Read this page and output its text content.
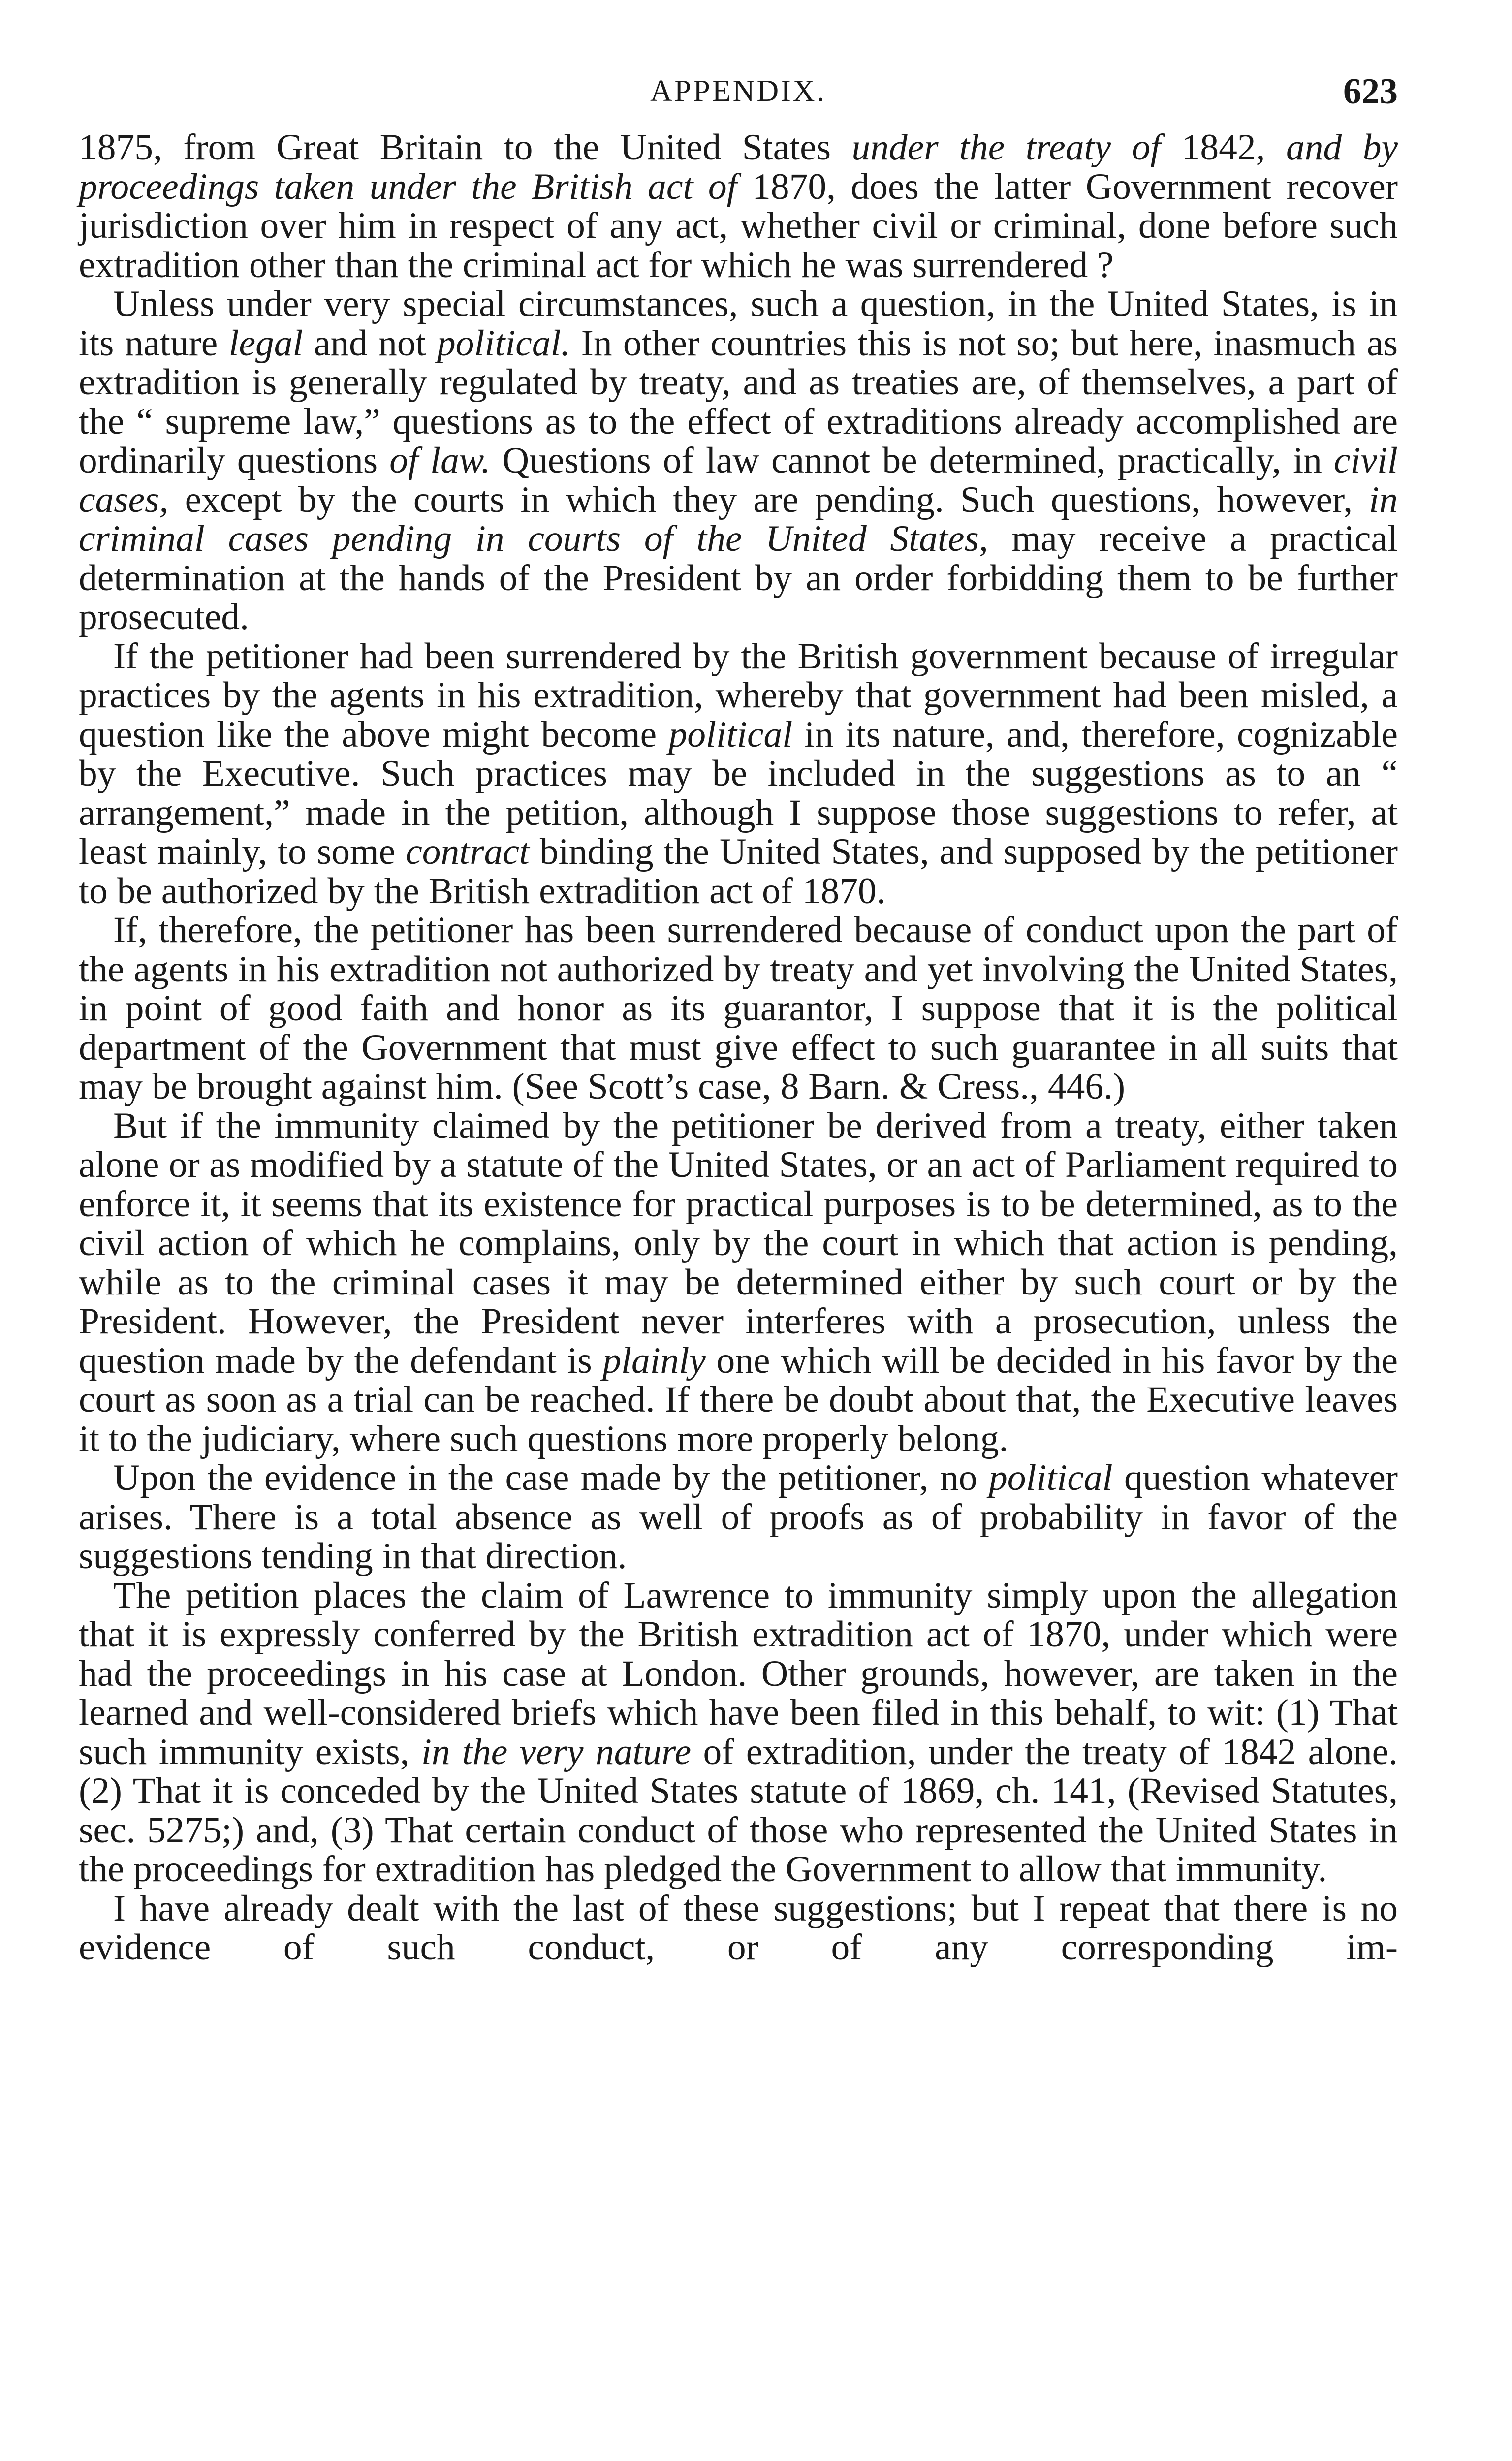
APPENDIX.	623

1875, from Great Britain to the United States under the treaty of 1842, and by proceedings taken under the British act of 1870, does the latter Government recover jurisdiction over him in respect of any act, whether civil or criminal, done before such extradition other than the criminal act for which he was surrendered ?

Unless under very special circumstances, such a question, in the United States, is in its nature legal and not political. In other countries this is not so; but here, inasmuch as extradition is generally regulated by treaty, and as treaties are, of themselves, a part of the “ supreme law,” questions as to the effect of extraditions already accomplished are ordinarily questions of law. Questions of law cannot be determined, practically, in civil cases, except by the courts in which they are pending. Such questions, however, in criminal cases pending in courts of the United States, may receive a practical determination at the hands of the President by an order forbidding them to be further prosecuted.

If the petitioner had been surrendered by the British government because of irregular practices by the agents in his extradition, whereby that government had been misled, a question like the above might become political in its nature, and, therefore, cognizable by the Executive. Such practices may be included in the suggestions as to an “ arrangement,” made in the petition, although I suppose those suggestions to refer, at least mainly, to some contract binding the United States, and supposed by the petitioner to be authorized by the British extradition act of 1870.

If, therefore, the petitioner has been surrendered because of conduct upon the part of the agents in his extradition not authorized by treaty and yet involving the United States, in point of good faith and honor as its guarantor, I suppose that it is the political department of the Government that must give effect to such guarantee in all suits that may be brought against him. (See Scott’s case, 8 Barn. & Cress., 446.)

But if the immunity claimed by the petitioner be derived from a treaty, either taken alone or as modified by a statute of the United States, or an act of Parliament required to enforce it, it seems that its existence for practical purposes is to be determined, as to the civil action of which he complains, only by the court in which that action is pending, while as to the criminal cases it may be determined either by such court or by the President. However, the President never interferes with a prosecution, unless the question made by the defendant is plainly one which will be decided in his favor by the court as soon as a trial can be reached. If there be doubt about that, the Executive leaves it to the judiciary, where such questions more properly belong.

Upon the evidence in the case made by the petitioner, no political question whatever arises. There is a total absence as well of proofs as of probability in favor of the suggestions tending in that direction.

The petition places the claim of Lawrence to immunity simply upon the allegation that it is expressly conferred by the British extradition act of 1870, under which were had the proceedings in his case at London. Other grounds, however, are taken in the learned and well-considered briefs which have been filed in this behalf, to wit: (1) That such immunity exists, in the very nature of extradition, under the treaty of 1842 alone. (2) That it is conceded by the United States statute of 1869, ch. 141, (Revised Statutes, sec. 5275;) and, (3) That certain conduct of those who represented the United States in the proceedings for extradition has pledged the Government to allow that immunity.

I have already dealt with the last of these suggestions; but I repeat that there is no evidence of such conduct, or of any corresponding im-
